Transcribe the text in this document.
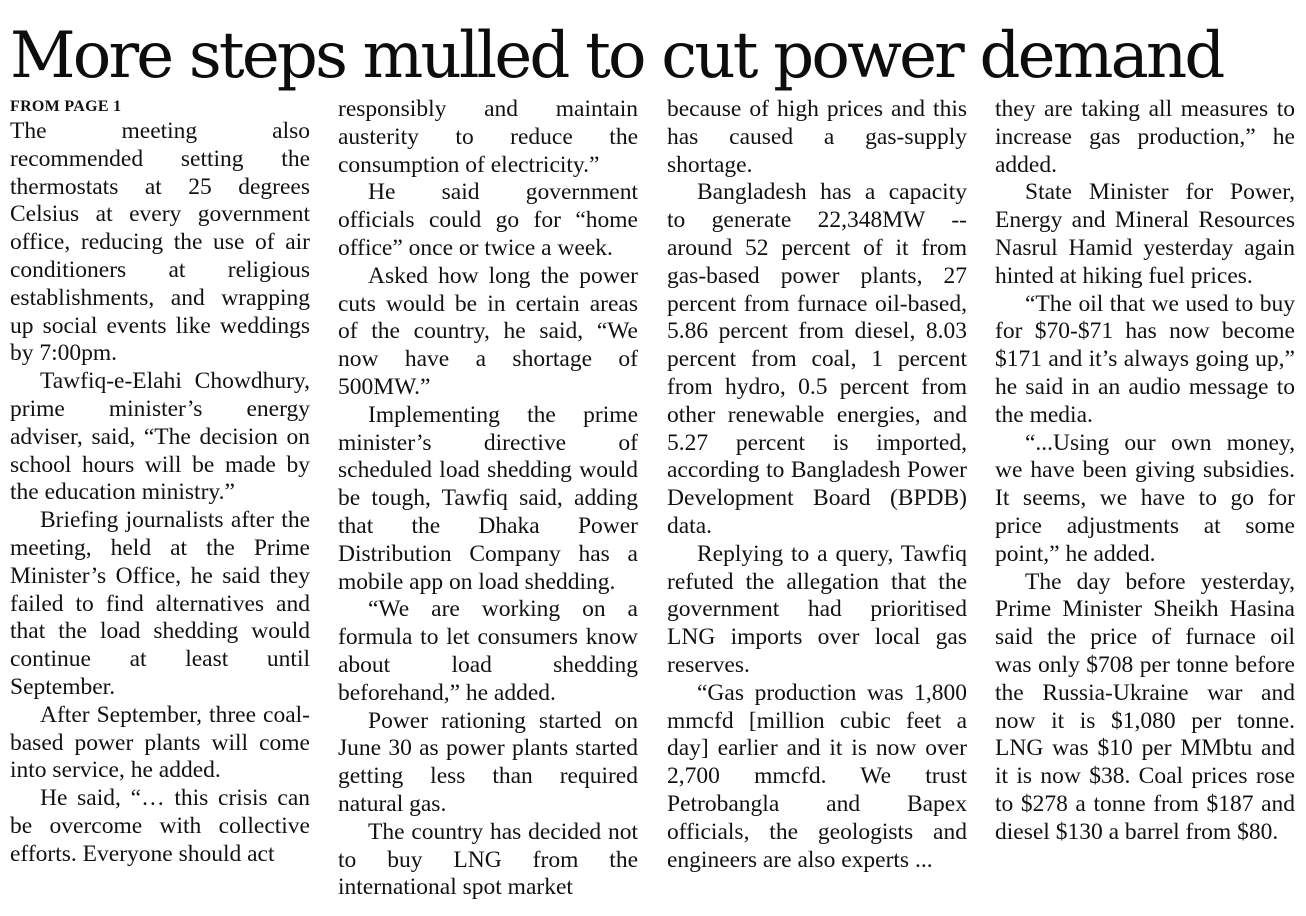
More steps mulled to cut power demand
FROM PAGE 1

The meeting also recommended setting the thermostats at 25 degrees Celsius at every government office, reducing the use of air conditioners at religious establishments, and wrapping up social events like weddings by 7:00pm.

Tawfiq-e-Elahi Chowdhury, prime minister’s energy adviser, said, “The decision on school hours will be made by the education ministry.”

Briefing journalists after the meeting, held at the Prime Minister’s Office, he said they failed to find alternatives and that the load shedding would continue at least until September.

After September, three coal-based power plants will come into service, he added.

He said, “… this crisis can be overcome with collective efforts. Everyone should act

responsibly and maintain austerity to reduce the consumption of electricity.”

He said government officials could go for “home office” once or twice a week.

Asked how long the power cuts would be in certain areas of the country, he said, “We now have a shortage of 500MW.”

Implementing the prime minister’s directive of scheduled load shedding would be tough, Tawfiq said, adding that the Dhaka Power Distribution Company has a mobile app on load shedding.

“We are working on a formula to let consumers know about load shedding beforehand,” he added.

Power rationing started on June 30 as power plants started getting less than required natural gas.

The country has decided not to buy LNG from the international spot market

because of high prices and this has caused a gas-supply shortage.

Bangladesh has a capacity to generate 22,348MW -- around 52 percent of it from gas-based power plants, 27 percent from furnace oil-based, 5.86 percent from diesel, 8.03 percent from coal, 1 percent from hydro, 0.5 percent from other renewable energies, and 5.27 percent is imported, according to Bangladesh Power Development Board (BPDB) data.

Replying to a query, Tawfiq refuted the allegation that the government had prioritised LNG imports over local gas reserves.

“Gas production was 1,800 mmcfd [million cubic feet a day] earlier and it is now over 2,700 mmcfd. We trust Petrobangla and Bapex officials, the geologists and engineers are also experts ...

they are taking all measures to increase gas production,” he added.

State Minister for Power, Energy and Mineral Resources Nasrul Hamid yesterday again hinted at hiking fuel prices.

“The oil that we used to buy for $70-$71 has now become $171 and it’s always going up,” he said in an audio message to the media.

“...Using our own money, we have been giving subsidies. It seems, we have to go for price adjustments at some point,” he added.

The day before yesterday, Prime Minister Sheikh Hasina said the price of furnace oil was only $708 per tonne before the Russia-Ukraine war and now it is $1,080 per tonne. LNG was $10 per MMbtu and it is now $38. Coal prices rose to $278 a tonne from $187 and diesel $130 a barrel from $80.
